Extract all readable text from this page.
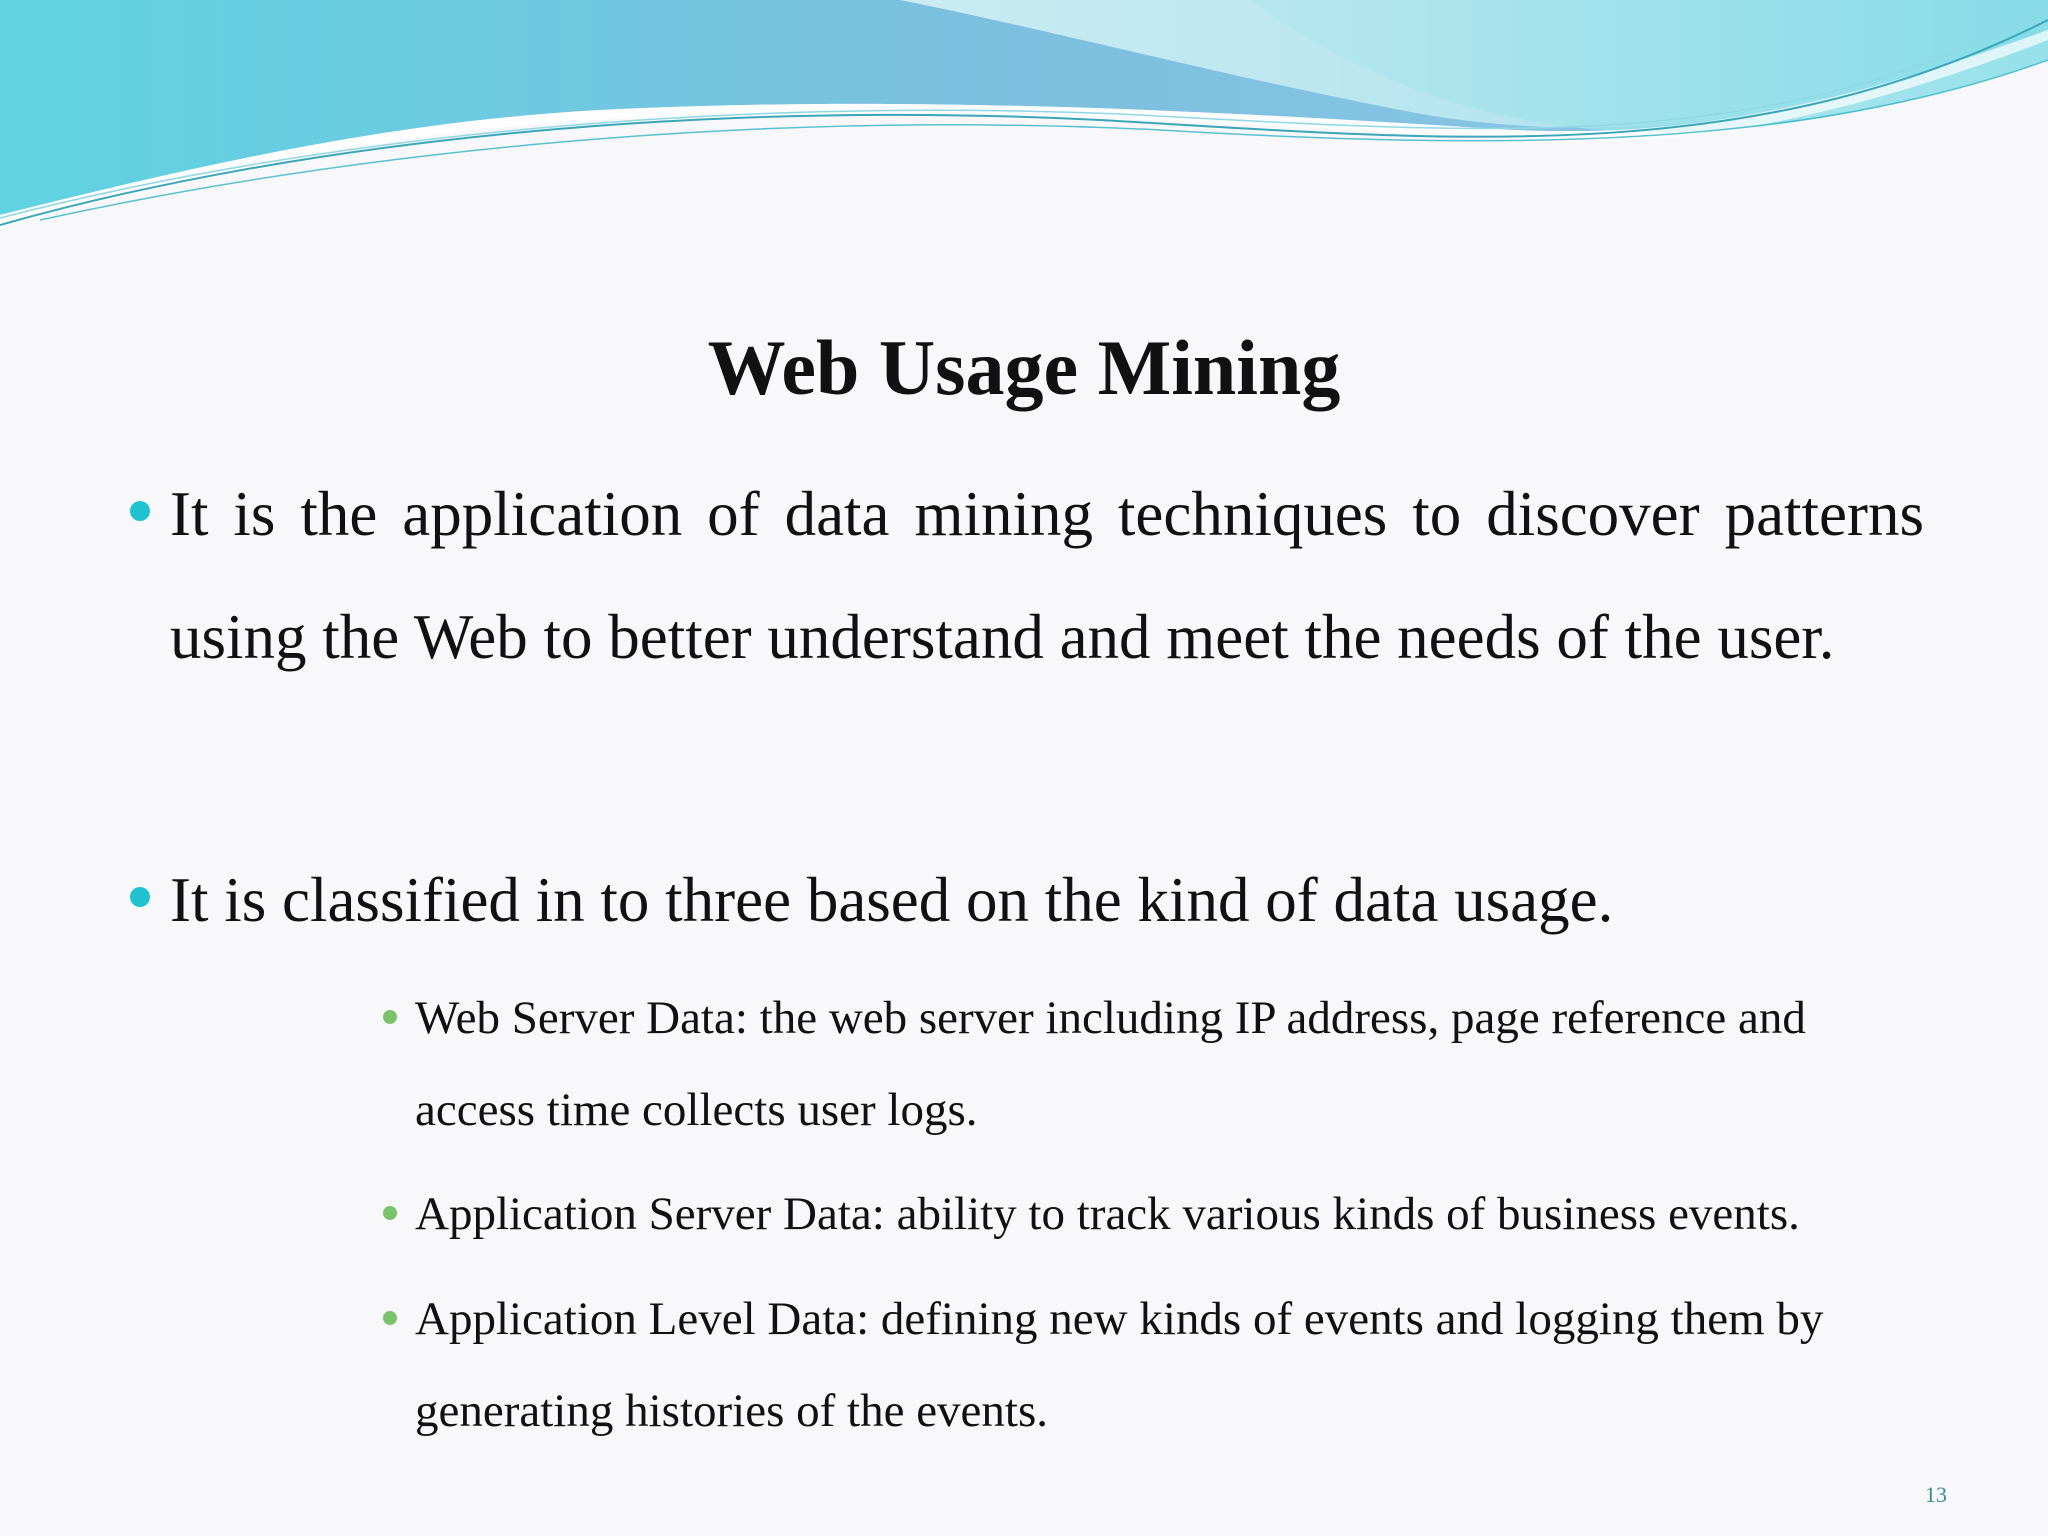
Web Usage Mining
It is the application of data mining techniques to discover patterns using the Web to better understand and meet the needs of the user.
It is classified in to three based on the kind of data usage.
Web Server Data: the web server including IP address, page reference and access time collects user logs.
Application Server Data: ability to track various kinds of business events.
Application Level Data: defining new kinds of events and logging them by generating histories of the events.
13
